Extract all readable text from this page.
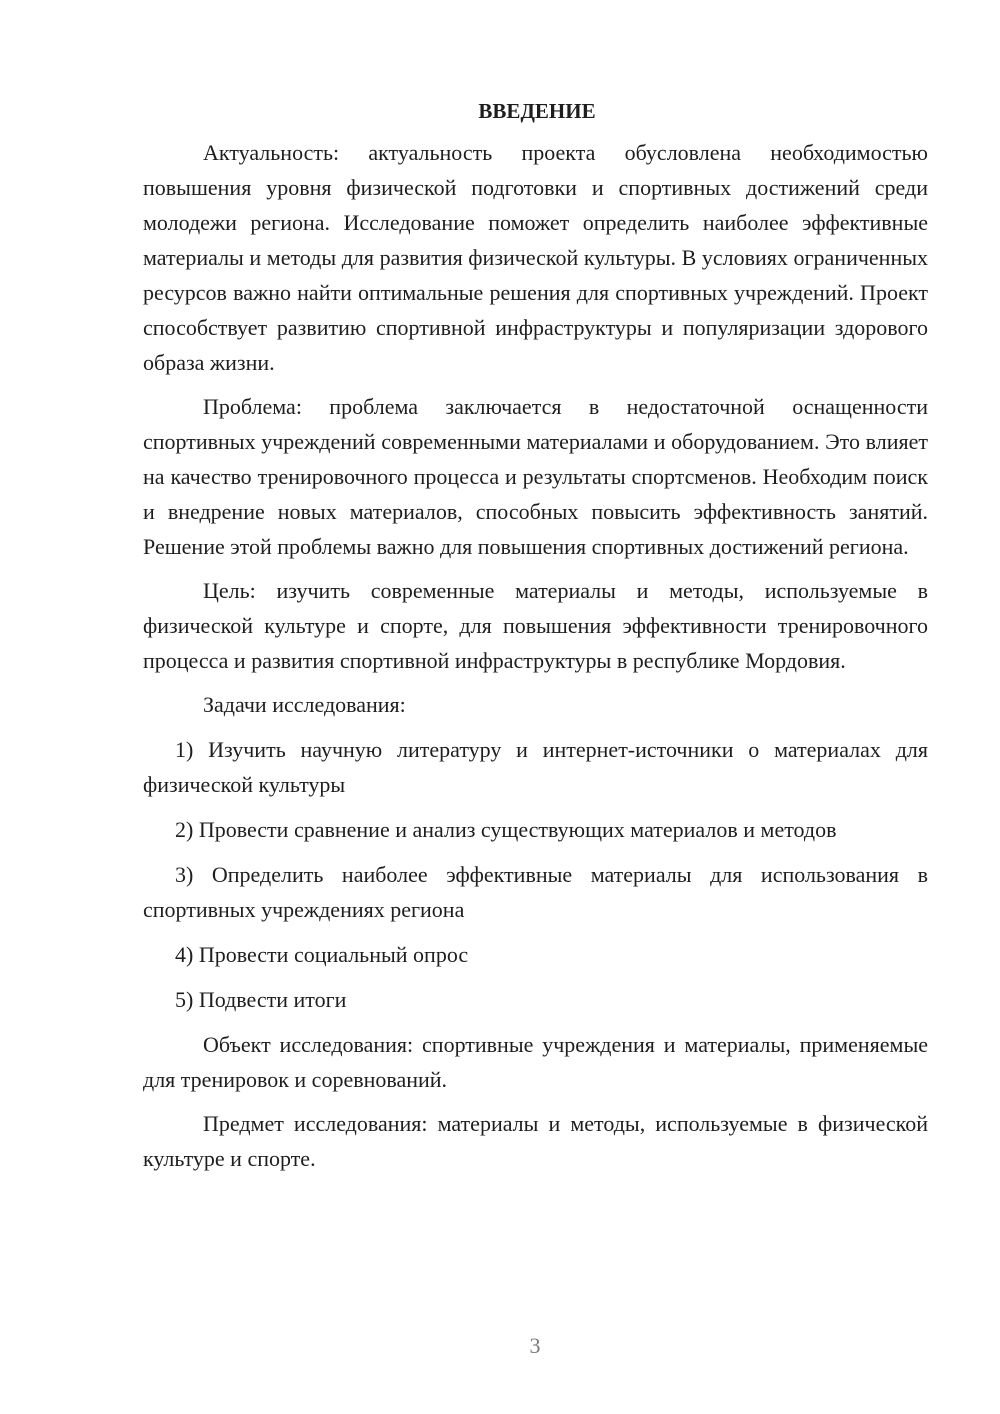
ВВЕДЕНИЕ

Актуальность: актуальность проекта обусловлена необходимостью повышения уровня физической подготовки и спортивных достижений среди молодежи региона. Исследование поможет определить наиболее эффективные материалы и методы для развития физической культуры. В условиях ограниченных ресурсов важно найти оптимальные решения для спортивных учреждений. Проект способствует развитию спортивной инфраструктуры и популяризации здорового образа жизни.

Проблема: проблема заключается в недостаточной оснащенности спортивных учреждений современными материалами и оборудованием. Это влияет на качество тренировочного процесса и результаты спортсменов. Необходим поиск и внедрение новых материалов, способных повысить эффективность занятий. Решение этой проблемы важно для повышения спортивных достижений региона.

Цель: изучить современные материалы и методы, используемые в физической культуре и спорте, для повышения эффективности тренировочного процесса и развития спортивной инфраструктуры в республике Мордовия.

Задачи исследования:

1) Изучить научную литературу и интернет-источники о материалах для физической культуры

2) Провести сравнение и анализ существующих материалов и методов

3) Определить наиболее эффективные материалы для использования в спортивных учреждениях региона

4) Провести социальный опрос

5) Подвести итоги

Объект исследования: спортивные учреждения и материалы, применяемые для тренировок и соревнований.

Предмет исследования: материалы и методы, используемые в физической культуре и спорте.

3
